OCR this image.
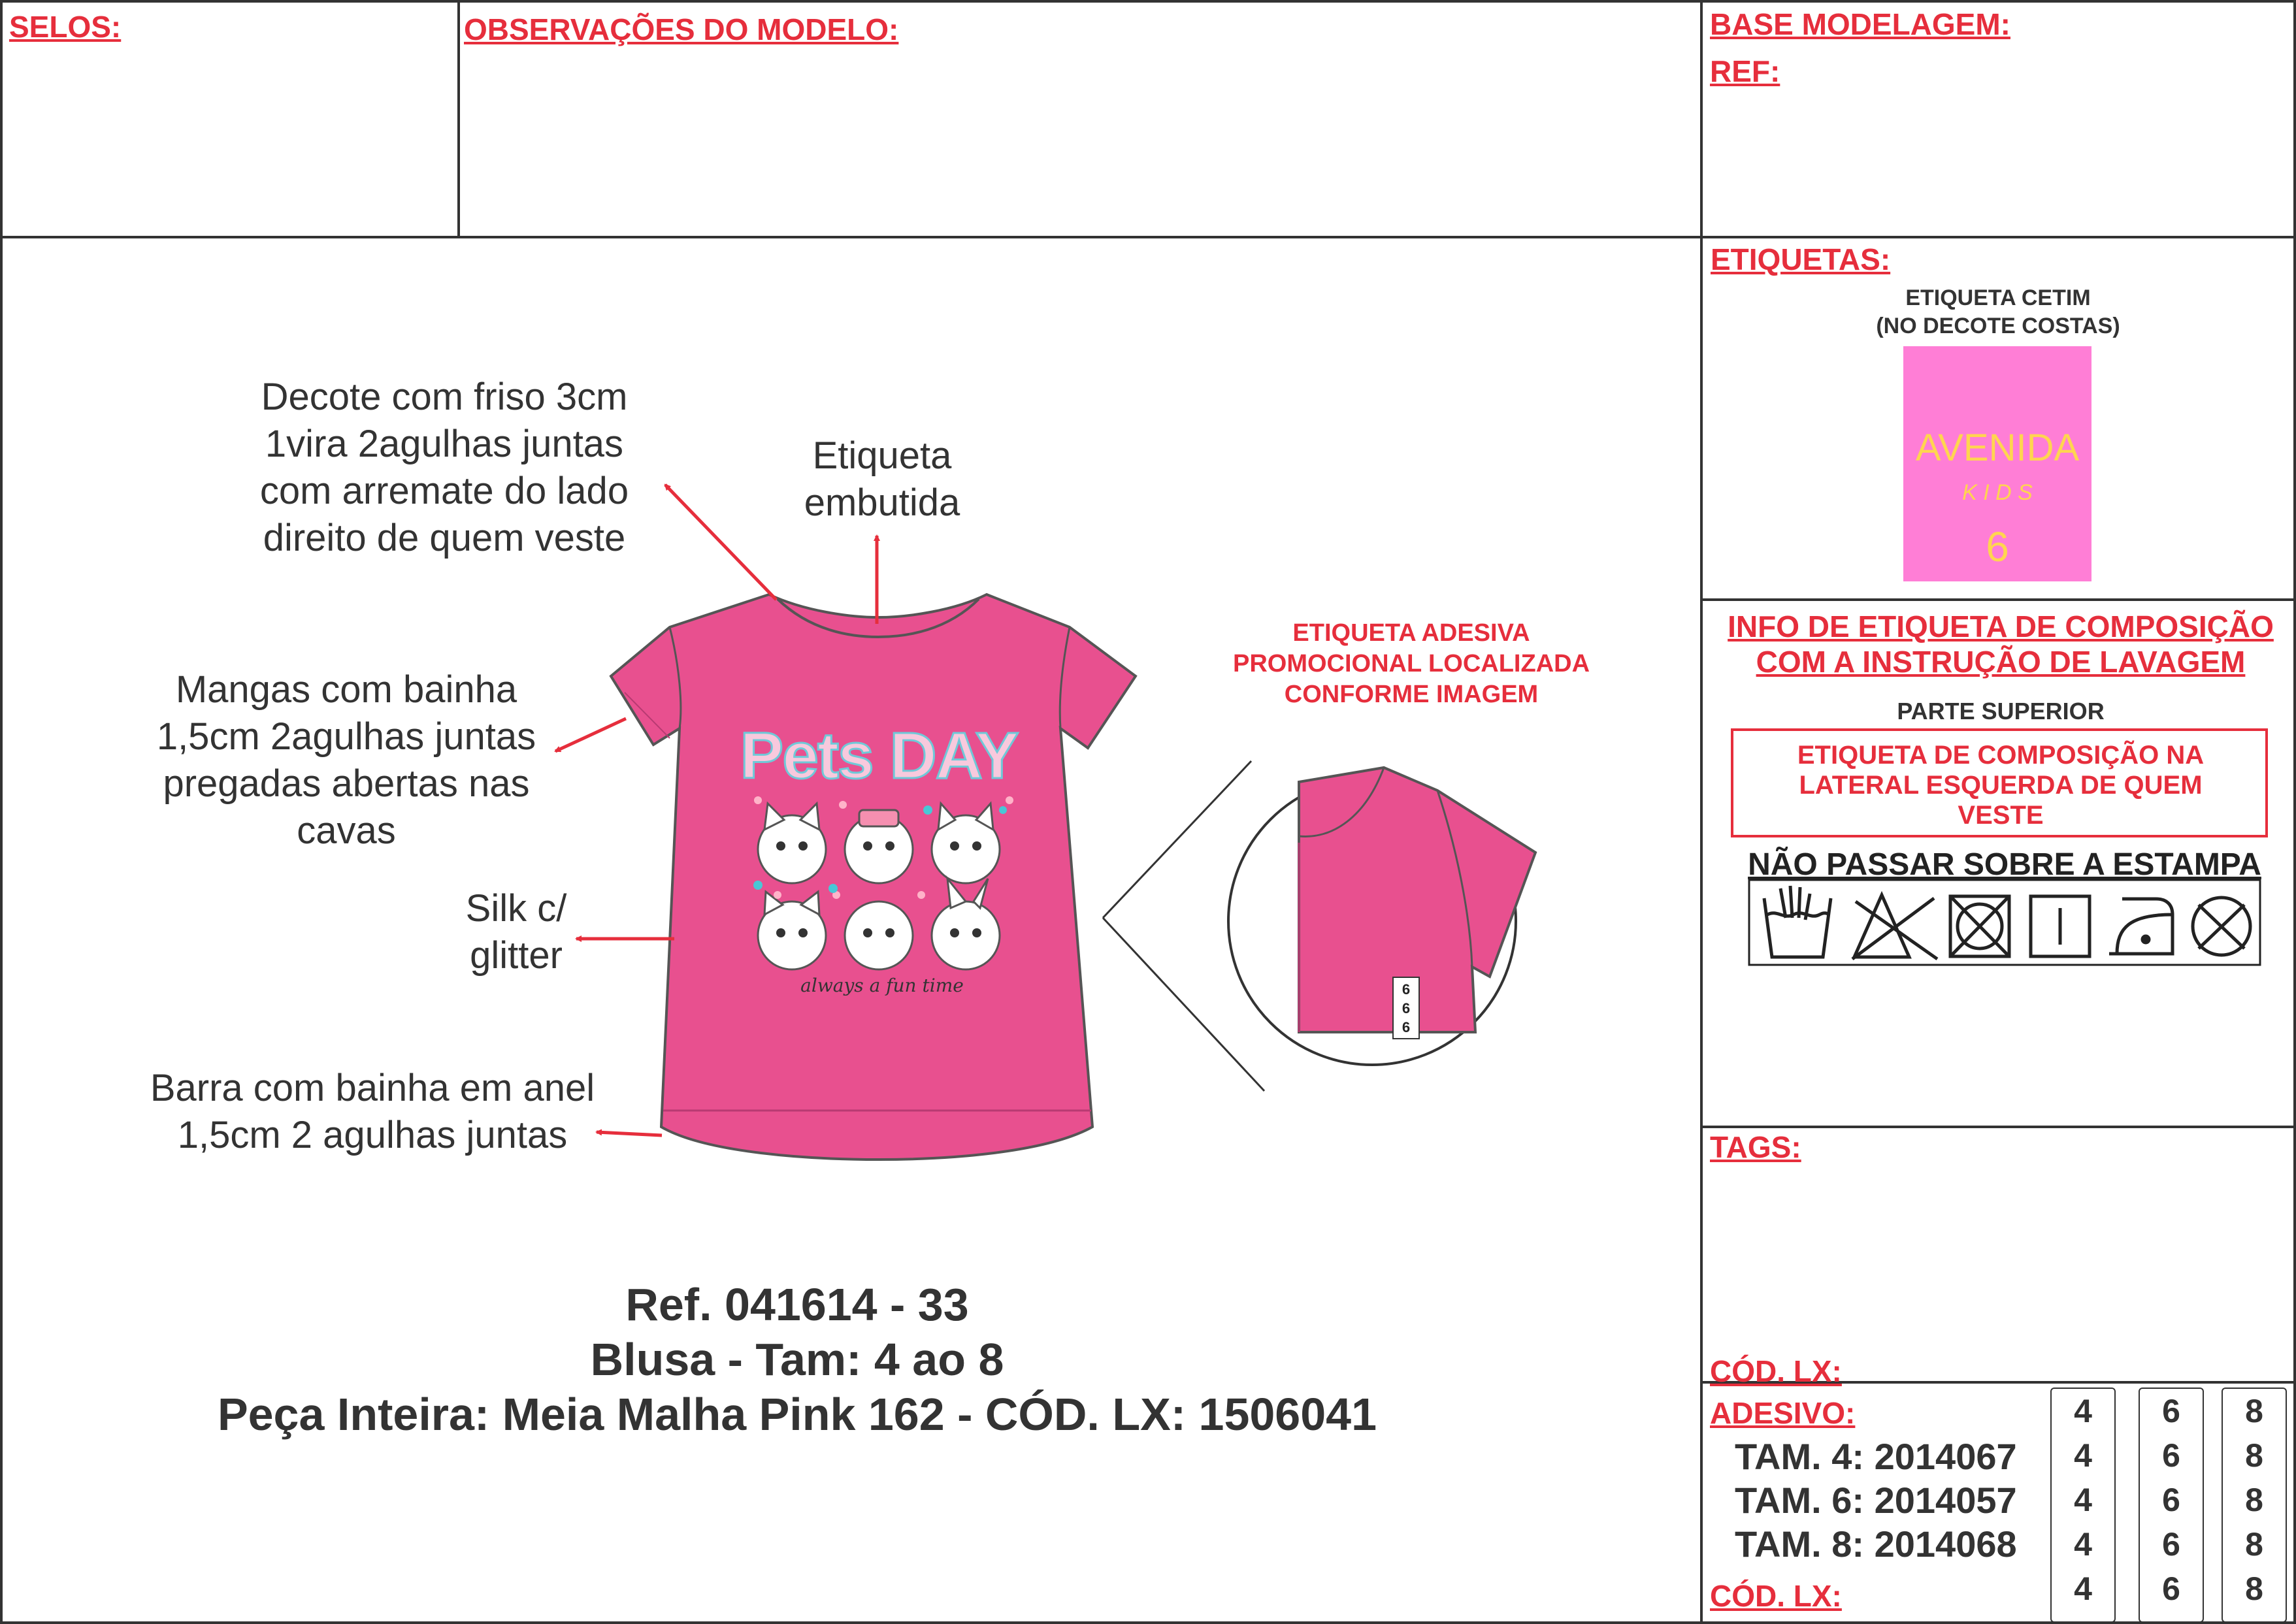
SELOS:	OBSERVAÇÕES DO MODELO:	BASE MODELAGEM:
REF:
Decote com friso 3cm
1vira 2agulhas juntas
com arremate do lado
direito de quem veste
Etiqueta
embutida
Mangas com bainha
1,5cm 2agulhas juntas
pregadas abertas nas
cavas
Silk c/
glitter
Barra com bainha em anel
1,5cm 2 agulhas juntas
ETIQUETA ADESIVA
PROMOCIONAL LOCALIZADA
CONFORME IMAGEM
Pets DAY
always a fun time	6
6
6
Ref. 041614 - 33
Blusa - Tam: 4 ao 8
Peça Inteira: Meia Malha Pink 162 - CÓD. LX: 1506041
ETIQUETAS:
ETIQUETA CETIM
(NO DECOTE COSTAS)
AVENIDA
K I D S
6
INFO DE ETIQUETA DE COMPOSIÇÃO
COM A INSTRUÇÃO DE LAVAGEM
PARTE SUPERIOR
ETIQUETA DE COMPOSIÇÃO NA
LATERAL ESQUERDA DE QUEM
VESTE
NÃO PASSAR SOBRE A ESTAMPA
TAGS:
CÓD. LX:
ADESIVO:
TAM. 4: 2014067
TAM. 6: 2014057
TAM. 8: 2014068
CÓD. LX:
4
4
4
4
4
6
6
6
6
6
8
8
8
8
8
